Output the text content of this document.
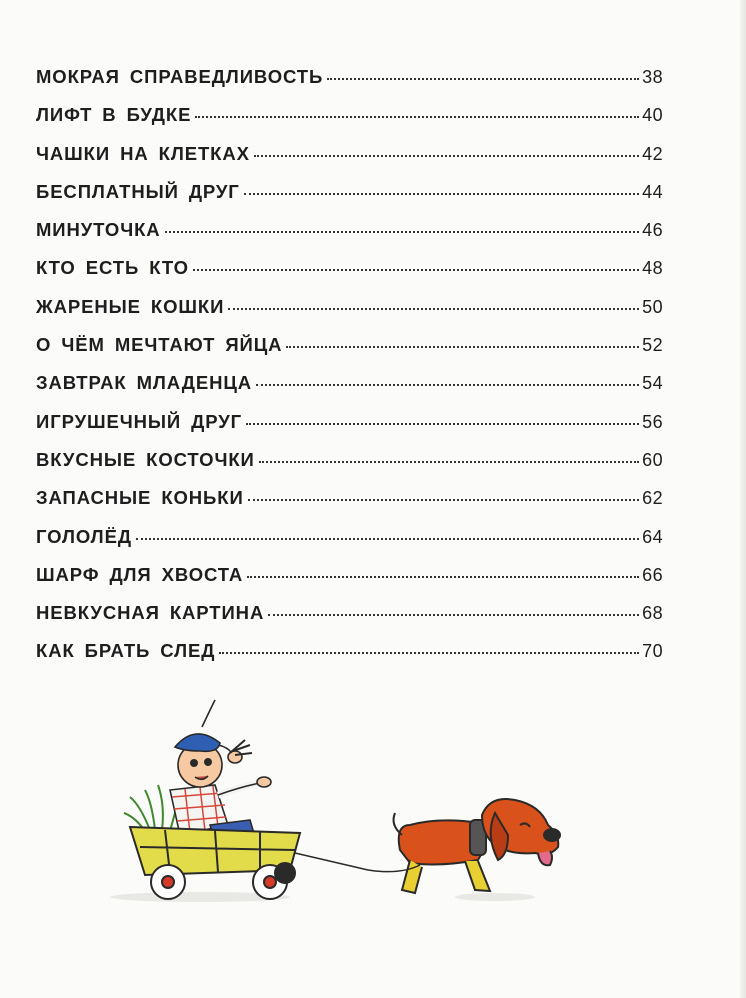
МОКРАЯ СПРАВЕДЛИВОСТЬ	38
ЛИФТ В БУДКЕ	40
ЧАШКИ НА КЛЕТКАХ	42
БЕСПЛАТНЫЙ ДРУГ	44
МИНУТОЧКА	46
КТО ЕСТЬ КТО	48
ЖАРЕНЫЕ КОШКИ	50
О ЧЁМ МЕЧТАЮТ ЯЙЦА	52
ЗАВТРАК МЛАДЕНЦА	54
ИГРУШЕЧНЫЙ ДРУГ	56
ВКУСНЫЕ КОСТОЧКИ	60
ЗАПАСНЫЕ КОНЬКИ	62
ГОЛОЛЁД	64
ШАРФ ДЛЯ ХВОСТА	66
НЕВКУСНАЯ КАРТИНА	68
КАК БРАТЬ СЛЕД	70
